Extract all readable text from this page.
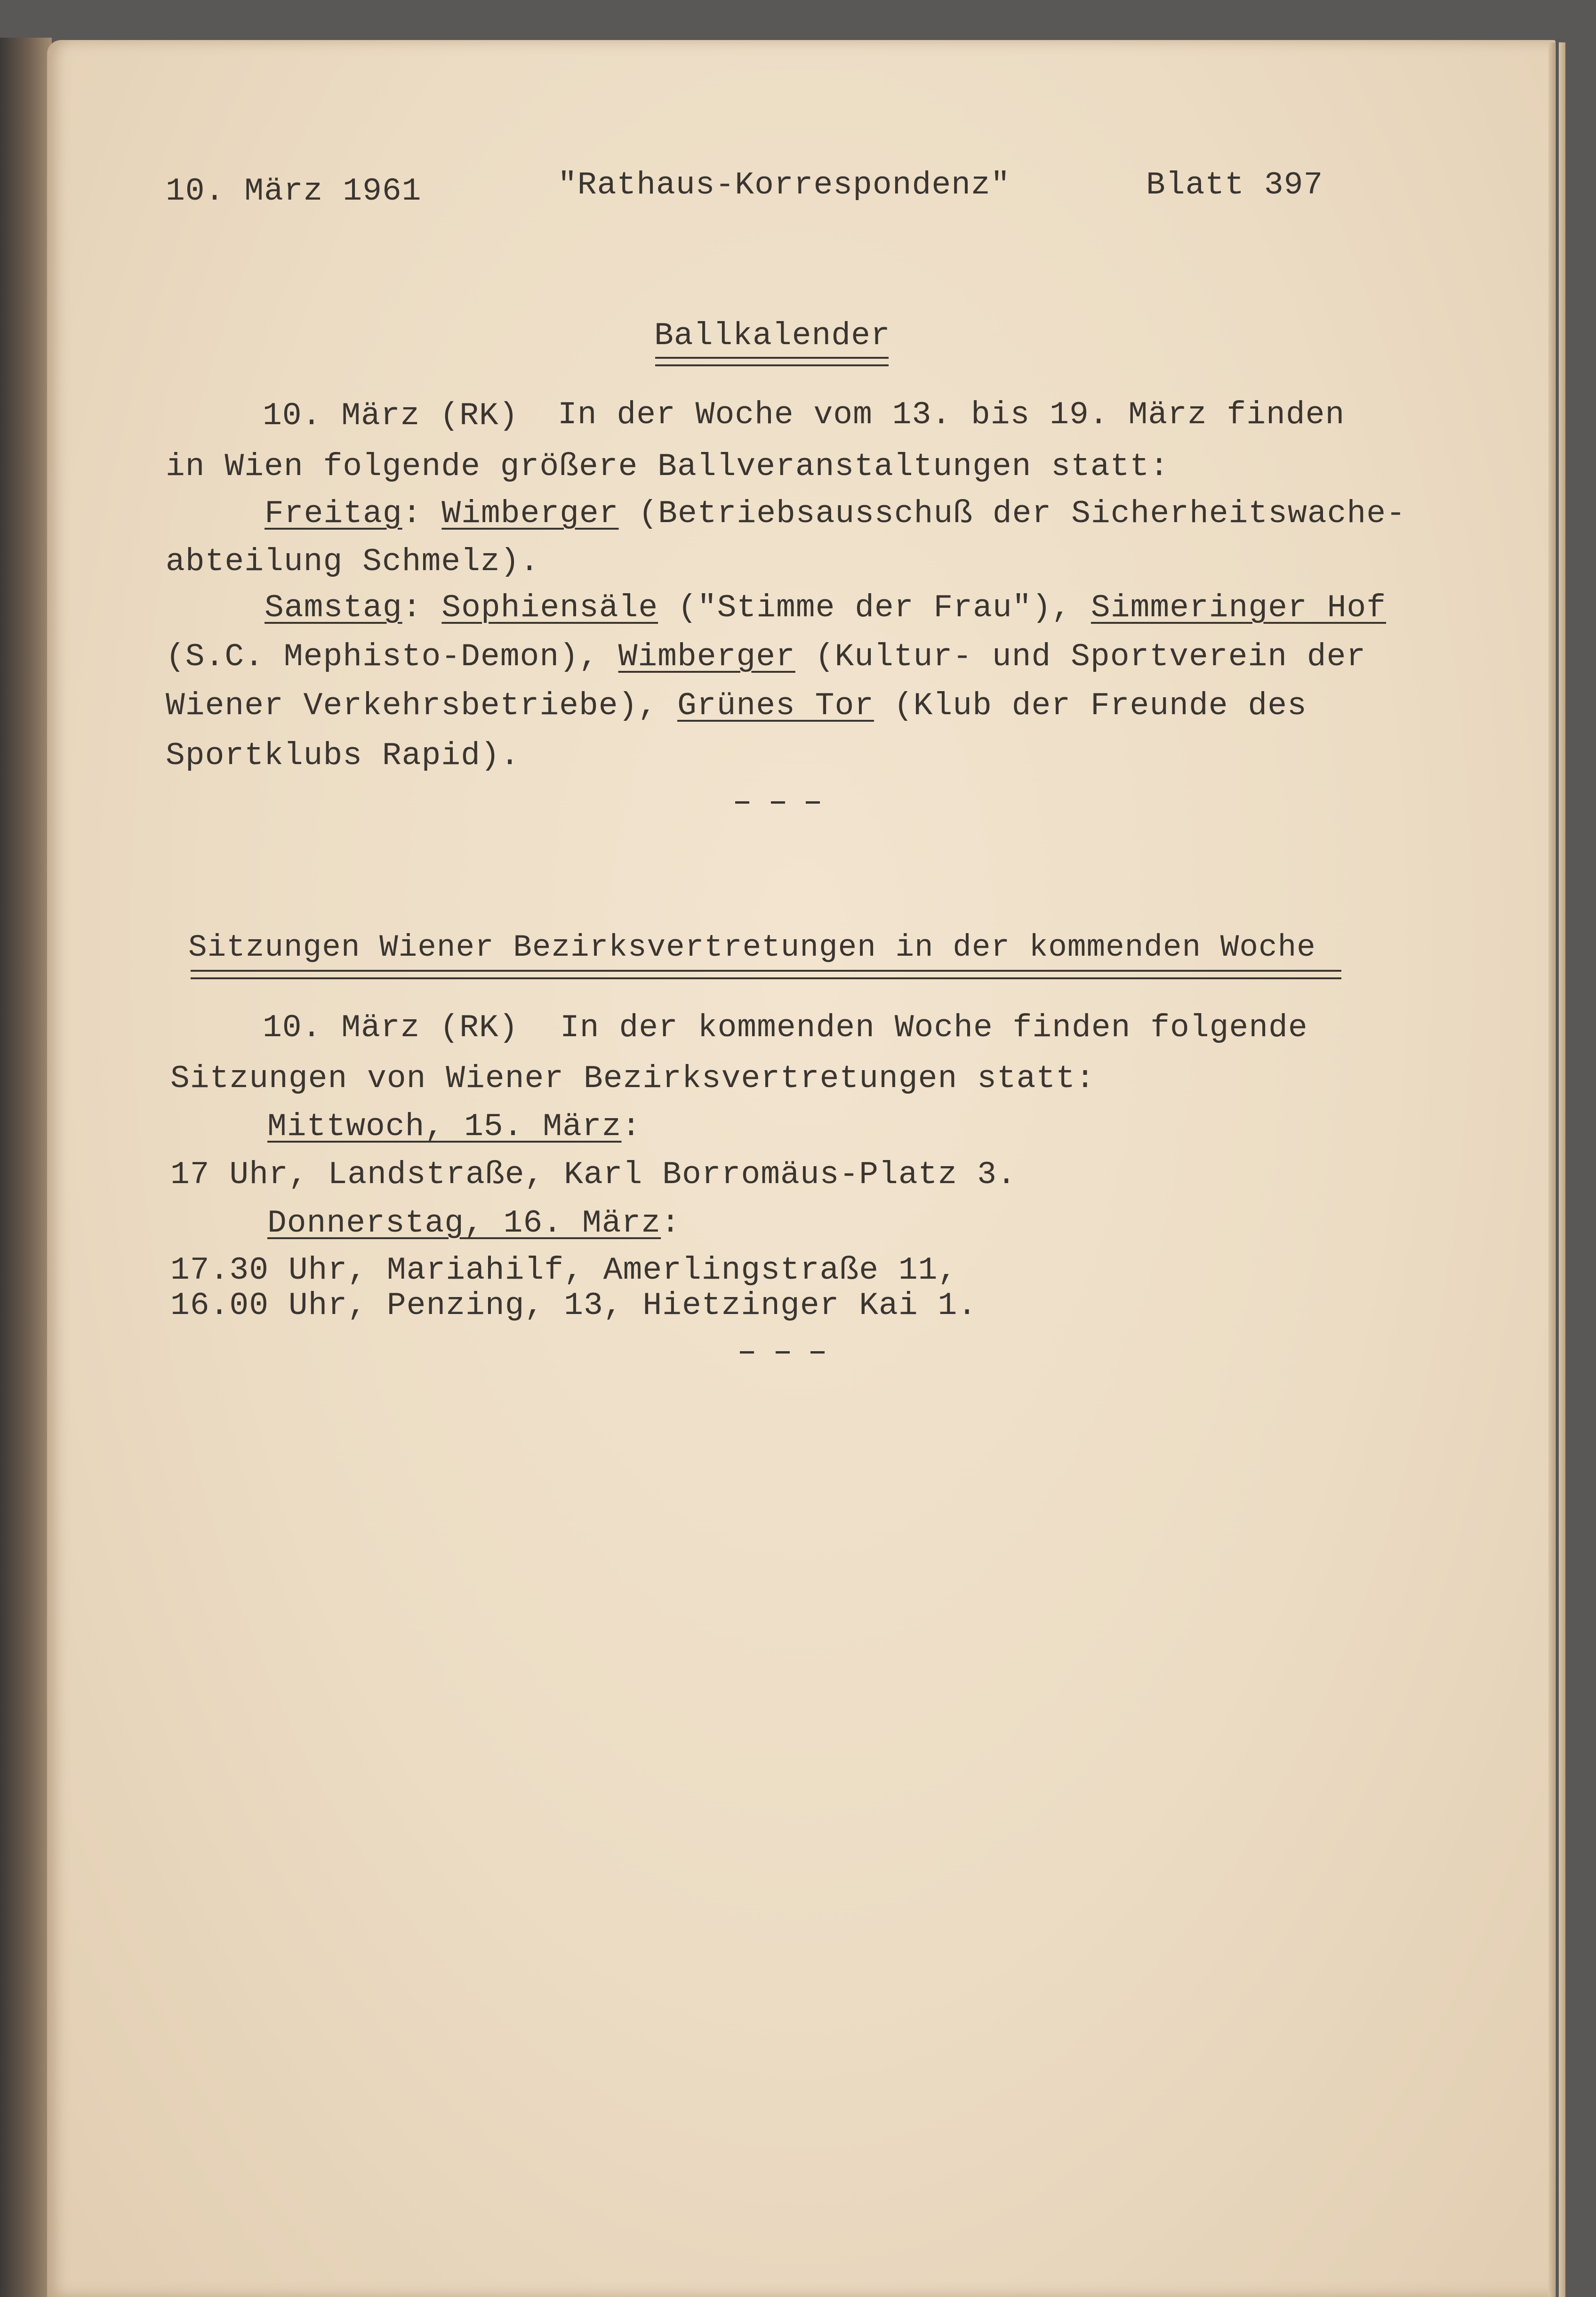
10. März 1961	"Rathaus-Korrespondenz"	Blatt 397
Ballkalender
10. März (RK) In der Woche vom 13. bis 19. März finden
in Wien folgende größere Ballveranstaltungen statt:
Freitag: Wimberger (Betriebsausschuß der Sicherheitswache-
abteilung Schmelz).
Samstag: Sophiensäle ("Stimme der Frau"), Simmeringer Hof
(S.C. Mephisto-Demon), Wimberger (Kultur- und Sportverein der
Wiener Verkehrsbetriebe), Grünes Tor (Klub der Freunde des
Sportklubs Rapid).
Sitzungen Wiener Bezirksvertretungen in der kommenden Woche
10. März (RK) In der kommenden Woche finden folgende
Sitzungen von Wiener Bezirksvertretungen statt:
Mittwoch, 15. März:
17 Uhr, Landstraße, Karl Borromäus-Platz 3.
Donnerstag, 16. März:
17.30 Uhr, Mariahilf, Amerlingstraße 11,
16.00 Uhr, Penzing, 13, Hietzinger Kai 1.
